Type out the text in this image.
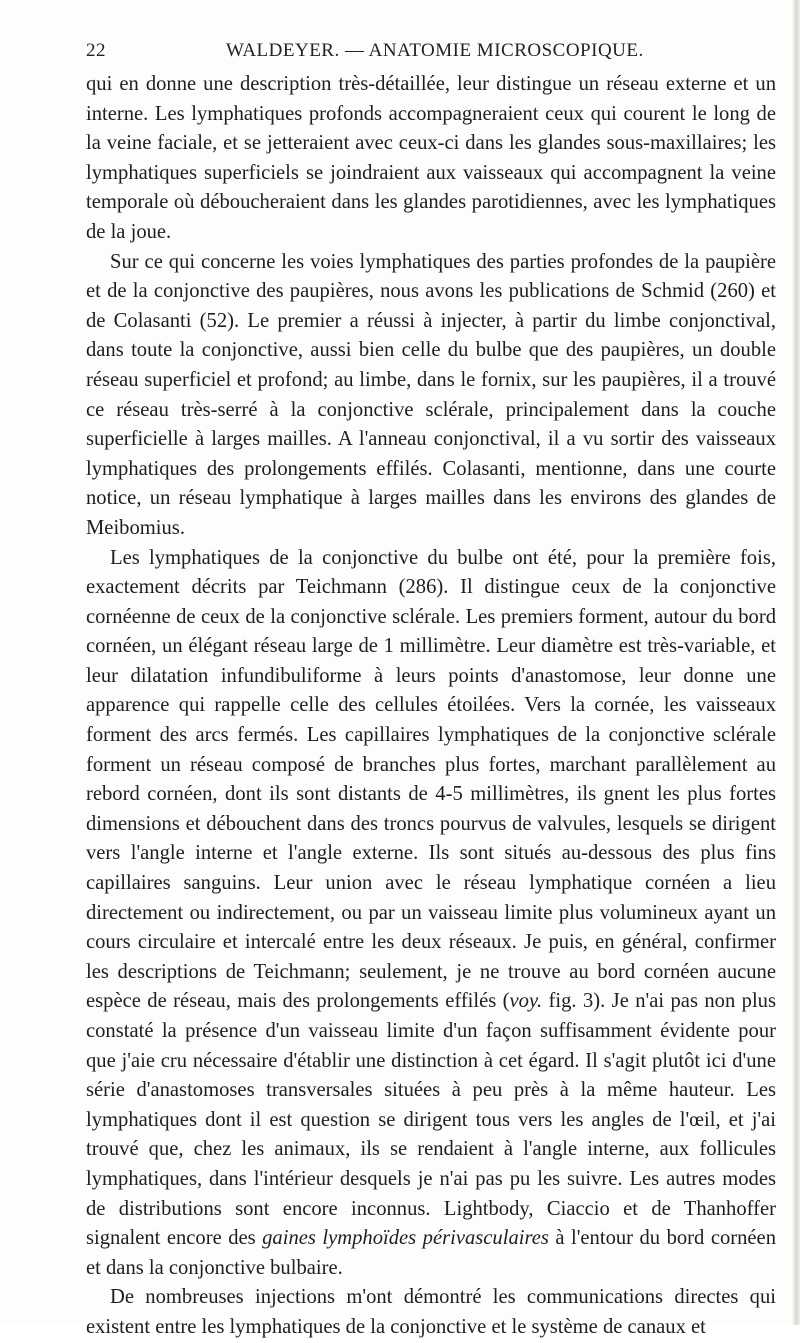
22	WALDEYER. — ANATOMIE MICROSCOPIQUE.

qui en donne une description très-détaillée, leur distingue un réseau externe et un interne. Les lymphatiques profonds accompagneraient ceux qui courent le long de la veine faciale, et se jetteraient avec ceux-ci dans les glandes sous-maxillaires; les lymphatiques superficiels se joindraient aux vaisseaux qui accompagnent la veine temporale où déboucheraient dans les glandes parotidiennes, avec les lymphatiques de la joue.

Sur ce qui concerne les voies lymphatiques des parties profondes de la paupière et de la conjonctive des paupières, nous avons les publications de Schmid (260) et de Colasanti (52). Le premier a réussi à injecter, à partir du limbe conjonctival, dans toute la conjonctive, aussi bien celle du bulbe que des paupières, un double réseau superficiel et profond; au limbe, dans le fornix, sur les paupières, il a trouvé ce réseau très-serré à la conjonctive sclérale, principalement dans la couche superficielle à larges mailles. A l'anneau conjonctival, il a vu sortir des vaisseaux lymphatiques des prolongements effilés. Colasanti, mentionne, dans une courte notice, un réseau lymphatique à larges mailles dans les environs des glandes de Meibomius.

Les lymphatiques de la conjonctive du bulbe ont été, pour la première fois, exactement décrits par Teichmann (286). Il distingue ceux de la conjonctive cornéenne de ceux de la conjonctive sclérale. Les premiers forment, autour du bord cornéen, un élégant réseau large de 1 millimètre. Leur diamètre est très-variable, et leur dilatation infundibuliforme à leurs points d'anastomose, leur donne une apparence qui rappelle celle des cellules étoilées. Vers la cornée, les vaisseaux forment des arcs fermés. Les capillaires lymphatiques de la conjonctive sclérale forment un réseau composé de branches plus fortes, marchant parallèlement au rebord cornéen, dont ils sont distants de 4-5 millimètres, ils gnent les plus fortes dimensions et débouchent dans des troncs pourvus de valvules, lesquels se dirigent vers l'angle interne et l'angle externe. Ils sont situés au-dessous des plus fins capillaires sanguins. Leur union avec le réseau lymphatique cornéen a lieu directement ou indirectement, ou par un vaisseau limite plus volumineux ayant un cours circulaire et intercalé entre les deux réseaux. Je puis, en général, confirmer les descriptions de Teichmann; seulement, je ne trouve au bord cornéen aucune espèce de réseau, mais des prolongements effilés (voy. fig. 3). Je n'ai pas non plus constaté la présence d'un vaisseau limite d'un façon suffisamment évidente pour que j'aie cru nécessaire d'établir une distinction à cet égard. Il s'agit plutôt ici d'une série d'anastomoses transversales situées à peu près à la même hauteur. Les lymphatiques dont il est question se dirigent tous vers les angles de l'œil, et j'ai trouvé que, chez les animaux, ils se rendaient à l'angle interne, aux follicules lymphatiques, dans l'intérieur desquels je n'ai pas pu les suivre. Les autres modes de distributions sont encore inconnus. Lightbody, Ciaccio et de Thanhoffer signalent encore des gaines lymphoïdes périvasculaires à l'entour du bord cornéen et dans la conjonctive bulbaire.

De nombreuses injections m'ont démontré les communications directes qui existent entre les lymphatiques de la conjonctive et le système de canaux et
